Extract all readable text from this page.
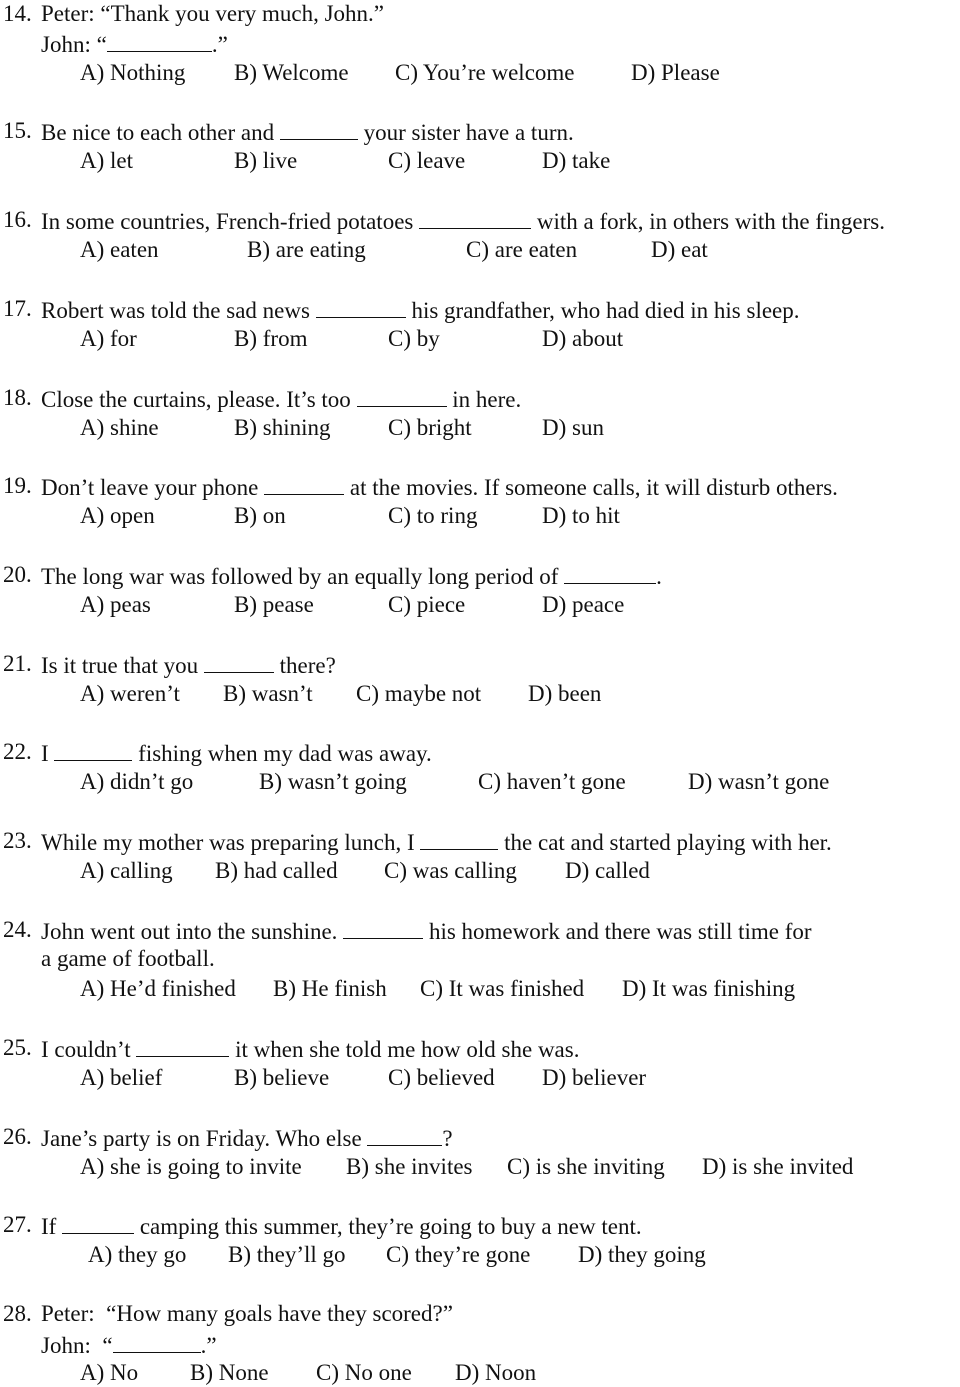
14. Peter: “Thank you very much, John.”
John: “	.”
A) Nothing B) Welcome C) You’re welcome D) Please
15. Be nice to each other and	your sister have a turn.
A) let	B) live	C) leave	D) take
16. In some countries, French-fried potatoes	with a fork, in others with the fingers.
A) eaten	B) are eating	C) are eaten	D) eat
17. Robert was told the sad news	his grandfather, who had died in his sleep.
A) for	B) from	C) by	D) about
18. Close the curtains, please. It’s too	in here.
A) shine	B) shining	C) bright	D) sun
19. Don’t leave your phone	at the movies. If someone calls, it will disturb others.
A) open	B) on	C) to ring	D) to hit
20. The long war was followed by an equally long period of	.
A) peas	B) pease	C) piece	D) peace
21. Is it true that you	there?
A) weren’t B) wasn’t C) maybe not D) been
22. I	fishing when my dad was away.
A) didn’t go	B) wasn’t going	C) haven’t gone	D) wasn’t gone
23. While my mother was preparing lunch, I	the cat and started playing with her.
A) calling B) had called C) was calling D) called
24. John went out into the sunshine.	his homework and there was still time for
a game of football.
A) He’d finished B) He finish C) It was finished D) It was finishing
25. I couldn’t	it when she told me how old she was.
A) belief	B) believe	C) believed D) believer
26. Jane’s party is on Friday. Who else	?
A) she is going to invite B) she invites C) is she inviting D) is she invited
27. If	camping this summer, they’re going to buy a new tent.
A) they go B) they’ll go C) they’re gone D) they going
28. Peter:  “How many goals have they scored?”
John:  “	.”
A) No B) None C) No one D) Noon
